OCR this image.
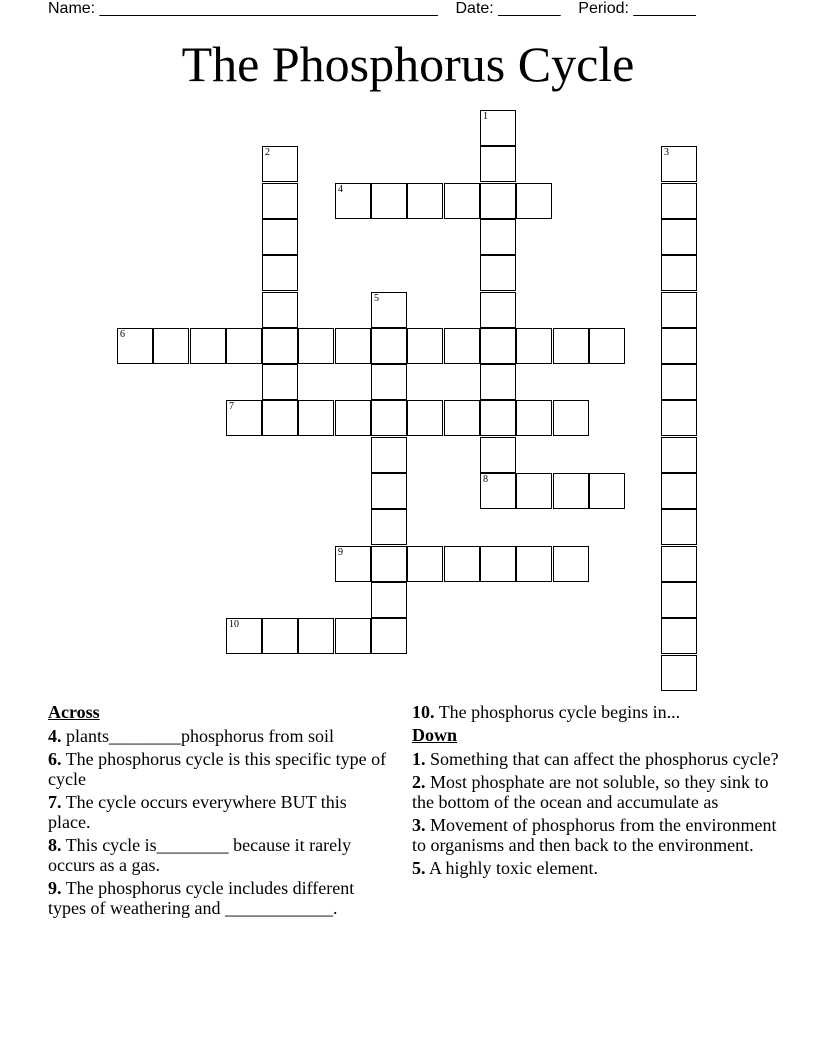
Name: ______________________________________ Date: _______ Period: _______
The Phosphorus Cycle
1
8
2	3
4
5
6
7
9
10
Across
4. plants________phosphorus from soil
6. The phosphorus cycle is this specific type of cycle
7. The cycle occurs everywhere BUT this place.
8. This cycle is________ because it rarely occurs as a gas.
9. The phosphorus cycle includes different types of weathering and ____________.
10. The phosphorus cycle begins in...
Down
1. Something that can affect the phosphorus cycle?
2. Most phosphate are not soluble, so they sink to the bottom of the ocean and accumulate as
3. Movement of phosphorus from the environment to organisms and then back to the environment.
5. A highly toxic element.
